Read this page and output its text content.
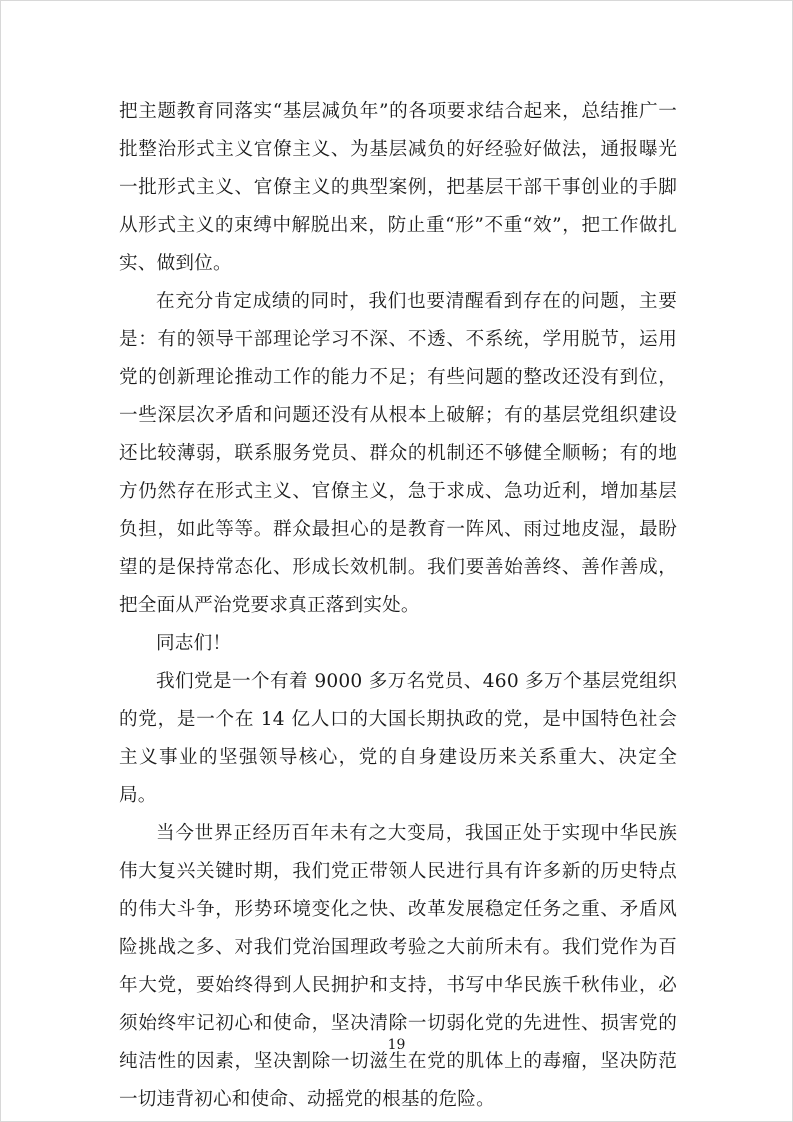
把主题教育同落实“基层减负年”的各项要求结合起来，总结推广一批整治形式主义官僚主义、为基层减负的好经验好做法，通报曝光一批形式主义、官僚主义的典型案例，把基层干部干事创业的手脚从形式主义的束缚中解脱出来，防止重“形”不重“效”，把工作做扎实、做到位。

在充分肯定成绩的同时，我们也要清醒看到存在的问题，主要是：有的领导干部理论学习不深、不透、不系统，学用脱节，运用党的创新理论推动工作的能力不足；有些问题的整改还没有到位，一些深层次矛盾和问题还没有从根本上破解；有的基层党组织建设还比较薄弱，联系服务党员、群众的机制还不够健全顺畅；有的地方仍然存在形式主义、官僚主义，急于求成、急功近利，增加基层负担，如此等等。群众最担心的是教育一阵风、雨过地皮湿，最盼望的是保持常态化、形成长效机制。我们要善始善终、善作善成，把全面从严治党要求真正落到实处。

同志们！

我们党是一个有着 9000 多万名党员、460 多万个基层党组织的党，是一个在 14 亿人口的大国长期执政的党，是中国特色社会主义事业的坚强领导核心，党的自身建设历来关系重大、决定全局。

当今世界正经历百年未有之大变局，我国正处于实现中华民族伟大复兴关键时期，我们党正带领人民进行具有许多新的历史特点的伟大斗争，形势环境变化之快、改革发展稳定任务之重、矛盾风险挑战之多、对我们党治国理政考验之大前所未有。我们党作为百年大党，要始终得到人民拥护和支持，书写中华民族千秋伟业，必须始终牢记初心和使命，坚决清除一切弱化党的先进性、损害党的纯洁性的因素，坚决割除一切滋生在党的肌体上的毒瘤，坚决防范一切违背初心和使命、动摇党的根基的危险。

19
